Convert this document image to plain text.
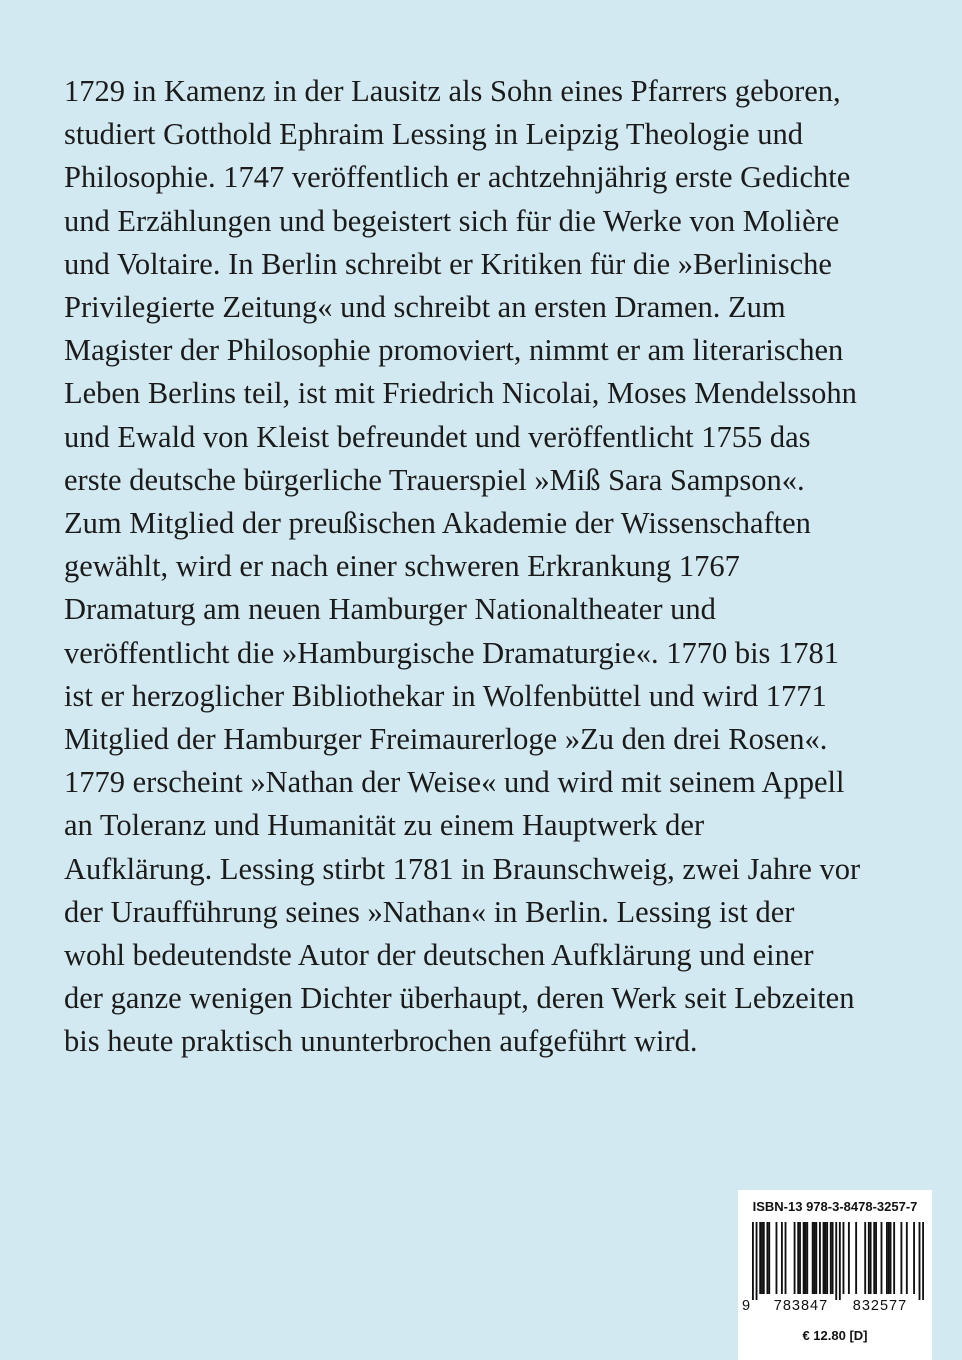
1729 in Kamenz in der Lausitz als Sohn eines Pfarrers geboren,
studiert Gotthold Ephraim Lessing in Leipzig Theologie und
Philosophie. 1747 veröffentlich er achtzehnjährig erste Gedichte
und Erzählungen und begeistert sich für die Werke von Molière
und Voltaire. In Berlin schreibt er Kritiken für die »Berlinische
Privilegierte Zeitung« und schreibt an ersten Dramen. Zum
Magister der Philosophie promoviert, nimmt er am literarischen
Leben Berlins teil, ist mit Friedrich Nicolai, Moses Mendelssohn
und Ewald von Kleist befreundet und veröffentlicht 1755 das
erste deutsche bürgerliche Trauerspiel »Miß Sara Sampson«.
Zum Mitglied der preußischen Akademie der Wissenschaften
gewählt, wird er nach einer schweren Erkrankung 1767
Dramaturg am neuen Hamburger Nationaltheater und
veröffentlicht die »Hamburgische Dramaturgie«. 1770 bis 1781
ist er herzoglicher Bibliothekar in Wolfenbüttel und wird 1771
Mitglied der Hamburger Freimaurerloge »Zu den drei Rosen«.
1779 erscheint »Nathan der Weise« und wird mit seinem Appell
an Toleranz und Humanität zu einem Hauptwerk der
Aufklärung. Lessing stirbt 1781 in Braunschweig, zwei Jahre vor
der Uraufführung seines »Nathan« in Berlin. Lessing ist der
wohl bedeutendste Autor der deutschen Aufklärung und einer
der ganze wenigen Dichter überhaupt, deren Werk seit Lebzeiten
bis heute praktisch ununterbrochen aufgeführt wird.
ISBN-13 978-3-8478-3257-7
9	783847	832577
€ 12.80 [D]
